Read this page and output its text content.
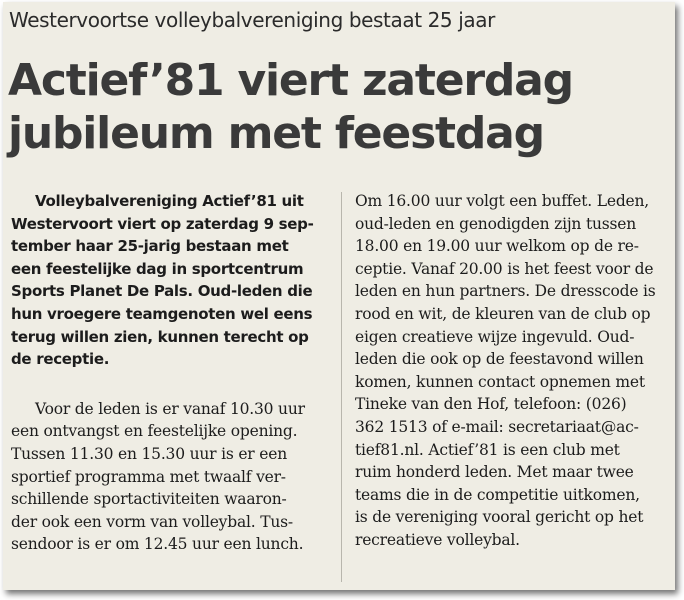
Westervoortse volleybalvereniging bestaat 25 jaar
Actief’81 viert zaterdag
jubileum met feestdag
Volleybalvereniging Actief’81 uit
Westervoort viert op zaterdag 9 sep-
tember haar 25-jarig bestaan met
een feestelijke dag in sportcentrum
Sports Planet De Pals. Oud-leden die
hun vroegere teamgenoten wel eens
terug willen zien, kunnen terecht op
de receptie.
Voor de leden is er vanaf 10.30 uur
een ontvangst en feestelijke opening.
Tussen 11.30 en 15.30 uur is er een
sportief programma met twaalf ver-
schillende sportactiviteiten waaron-
der ook een vorm van volleybal. Tus-
sendoor is er om 12.45 uur een lunch.
Om 16.00 uur volgt een buffet. Leden,
oud-leden en genodigden zijn tussen
18.00 en 19.00 uur welkom op de re-
ceptie. Vanaf 20.00 is het feest voor de
leden en hun partners. De dresscode is
rood en wit, de kleuren van de club op
eigen creatieve wijze ingevuld. Oud-
leden die ook op de feestavond willen
komen, kunnen contact opnemen met
Tineke van den Hof, telefoon: (026)
362 1513 of e-mail: secretariaat@ac-
tief81.nl. Actief’81 is een club met
ruim honderd leden. Met maar twee
teams die in de competitie uitkomen,
is de vereniging vooral gericht op het
recreatieve volleybal.
